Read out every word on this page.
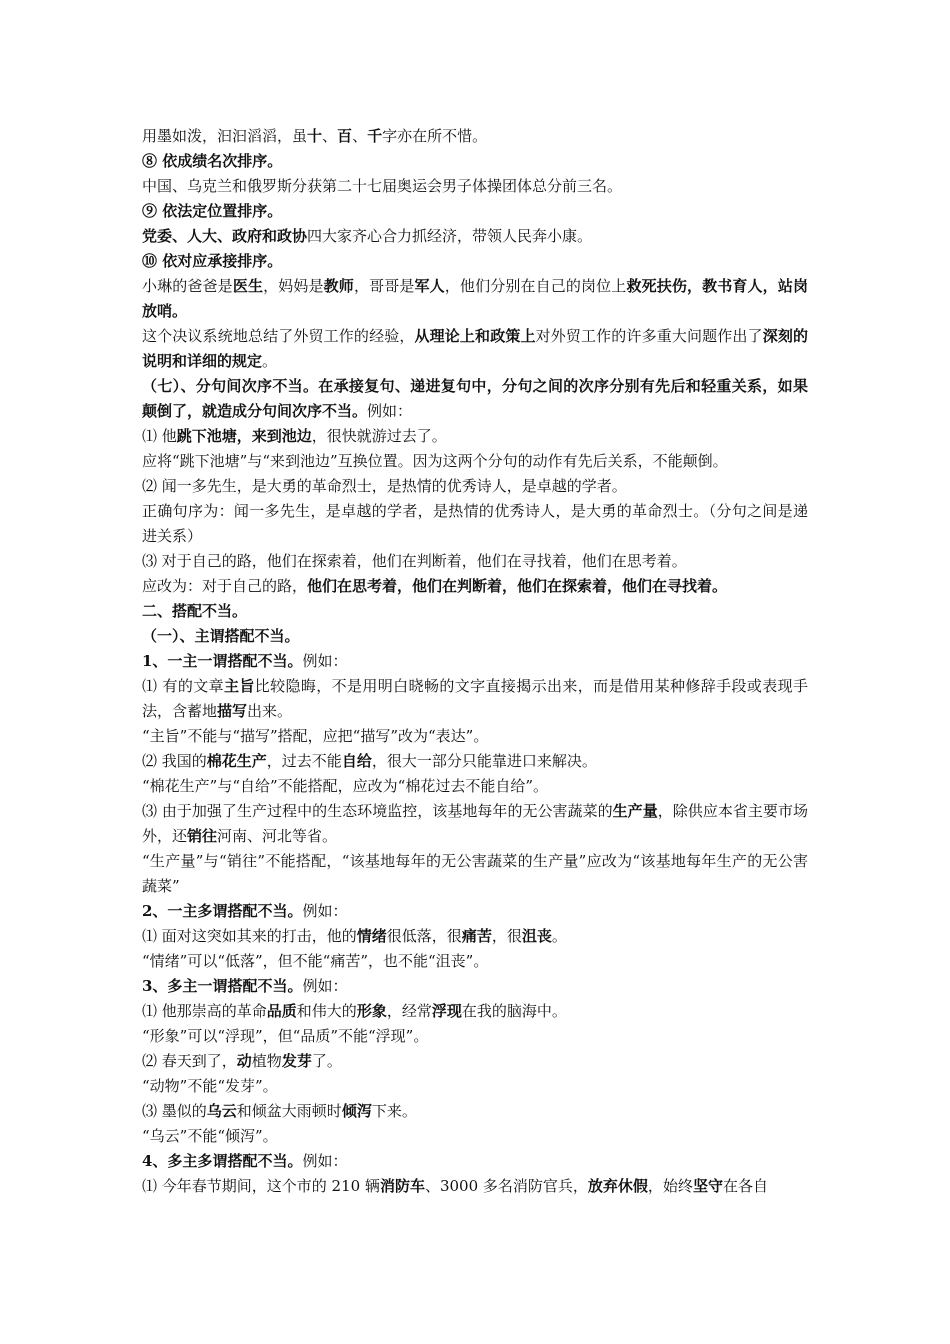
用墨如泼，汩汩滔滔，虽十、百、千字亦在所不惜。

⑧ 依成绩名次排序。

中国、乌克兰和俄罗斯分获第二十七届奥运会男子体操团体总分前三名。

⑨ 依法定位置排序。

党委、人大、政府和政协四大家齐心合力抓经济，带领人民奔小康。

⑩ 依对应承接排序。

小琳的爸爸是医生，妈妈是教师，哥哥是军人，他们分别在自己的岗位上救死扶伤，教书育人，站岗放哨。

这个决议系统地总结了外贸工作的经验，从理论上和政策上对外贸工作的许多重大问题作出了深刻的说明和详细的规定。

（七）、分句间次序不当。在承接复句、递进复句中，分句之间的次序分别有先后和轻重关系，如果颠倒了，就造成分句间次序不当。例如：

⑴ 他跳下池塘，来到池边，很快就游过去了。

应将“跳下池塘”与“来到池边”互换位置。因为这两个分句的动作有先后关系，不能颠倒。

⑵ 闻一多先生，是大勇的革命烈士，是热情的优秀诗人，是卓越的学者。

正确句序为：闻一多先生，是卓越的学者，是热情的优秀诗人，是大勇的革命烈士。（分句之间是递进关系）

⑶ 对于自己的路，他们在探索着，他们在判断着，他们在寻找着，他们在思考着。

应改为：对于自己的路，他们在思考着，他们在判断着，他们在探索着，他们在寻找着。

二、搭配不当。

（一）、主谓搭配不当。

1、一主一谓搭配不当。例如：

⑴ 有的文章主旨比较隐晦，不是用明白晓畅的文字直接揭示出来，而是借用某种修辞手段或表现手法，含蓄地描写出来。

“主旨”不能与“描写”搭配，应把“描写”改为“表达”。

⑵ 我国的棉花生产，过去不能自给，很大一部分只能靠进口来解决。

“棉花生产”与“自给”不能搭配，应改为“棉花过去不能自给”。

⑶ 由于加强了生产过程中的生态环境监控，该基地每年的无公害蔬菜的生产量，除供应本省主要市场外，还销往河南、河北等省。

“生产量”与“销往”不能搭配，“该基地每年的无公害蔬菜的生产量”应改为“该基地每年生产的无公害蔬菜”

2、一主多谓搭配不当。例如：

⑴ 面对这突如其来的打击，他的情绪很低落，很痛苦，很沮丧。

“情绪”可以“低落”，但不能“痛苦”，也不能“沮丧”。

3、多主一谓搭配不当。例如：

⑴ 他那崇高的革命品质和伟大的形象，经常浮现在我的脑海中。

“形象”可以“浮现”，但“品质”不能“浮现”。

⑵ 春天到了，动植物发芽了。

“动物”不能“发芽”。

⑶ 墨似的乌云和倾盆大雨顿时倾泻下来。

“乌云”不能“倾泻”。

4、多主多谓搭配不当。例如：

⑴ 今年春节期间，这个市的 210 辆消防车、3000 多名消防官兵，放弃休假，始终坚守在各自
